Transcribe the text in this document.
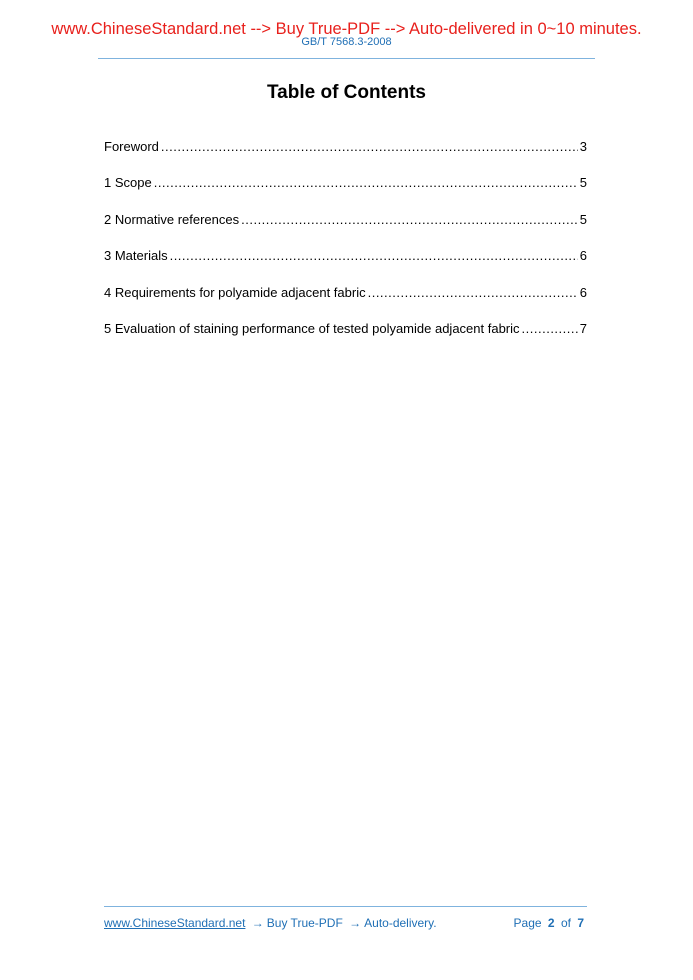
www.ChineseStandard.net --> Buy True-PDF --> Auto-delivered in 0~10 minutes.
GB/T 7568.3-2008
Table of Contents
Foreword .....	3
1 Scope .....	5
2 Normative references .....	5
3 Materials .....	6
4 Requirements for polyamide adjacent fabric .....	6
5 Evaluation of staining performance of tested polyamide adjacent fabric .....	7
www.ChineseStandard.net → Buy True-PDF → Auto-delivery.	Page 2 of 7
